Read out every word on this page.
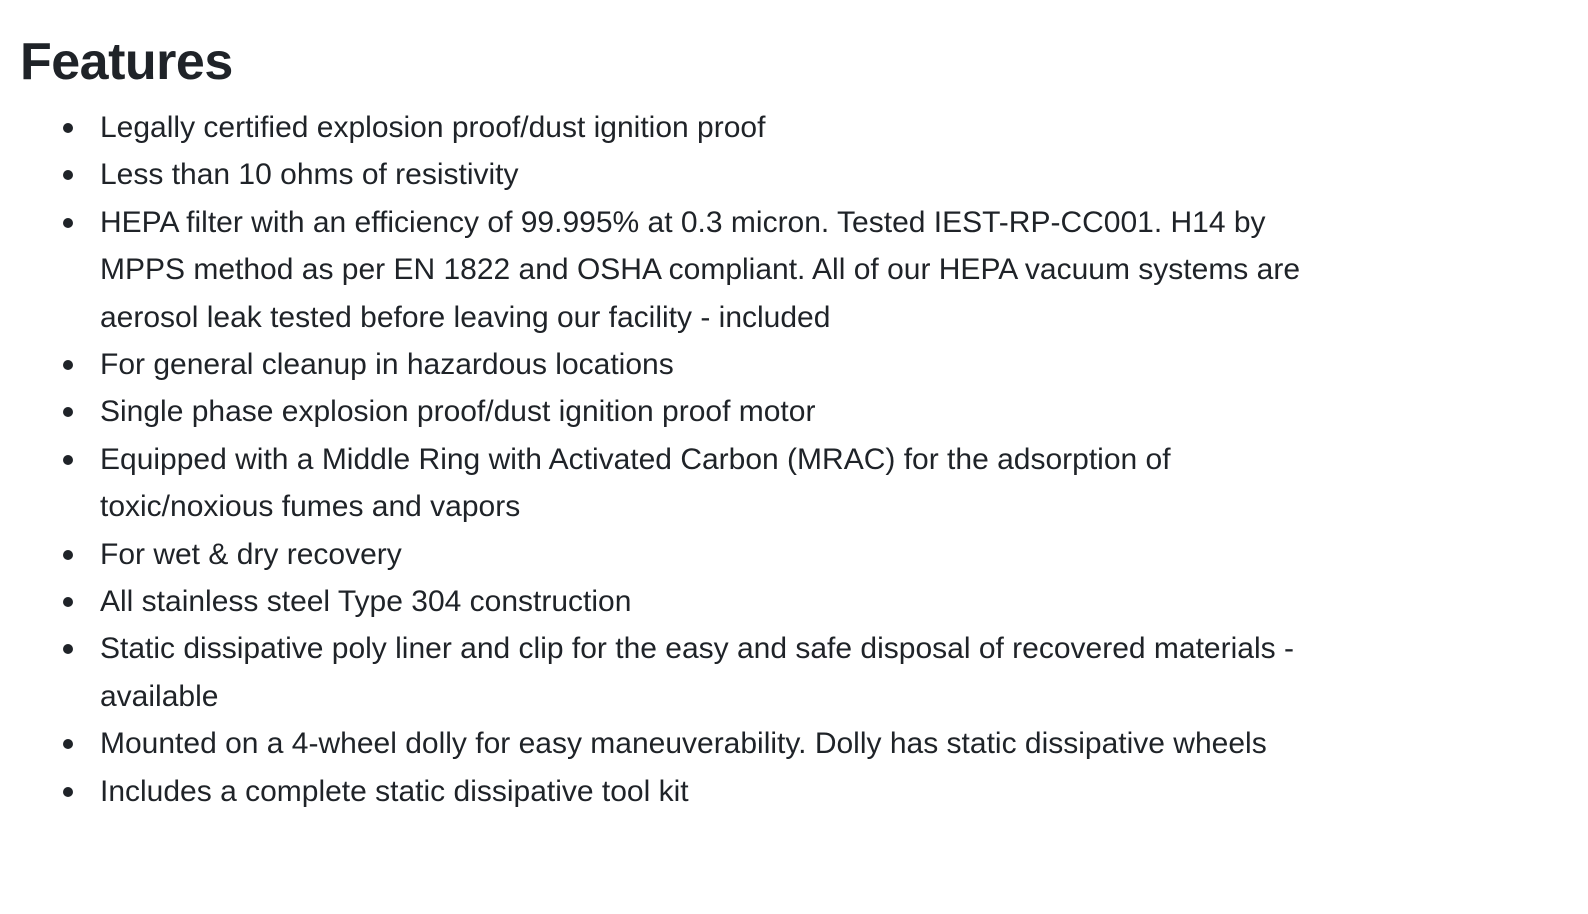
Features
Legally certified explosion proof/dust ignition proof
Less than 10 ohms of resistivity
HEPA filter with an efficiency of 99.995% at 0.3 micron. Tested IEST-RP-CC001. H14 by MPPS method as per EN 1822 and OSHA compliant. All of our HEPA vacuum systems are aerosol leak tested before leaving our facility - included
For general cleanup in hazardous locations
Single phase explosion proof/dust ignition proof motor
Equipped with a Middle Ring with Activated Carbon (MRAC) for the adsorption of toxic/noxious fumes and vapors
For wet & dry recovery
All stainless steel Type 304 construction
Static dissipative poly liner and clip for the easy and safe disposal of recovered materials - available
Mounted on a 4-wheel dolly for easy maneuverability. Dolly has static dissipative wheels
Includes a complete static dissipative tool kit
